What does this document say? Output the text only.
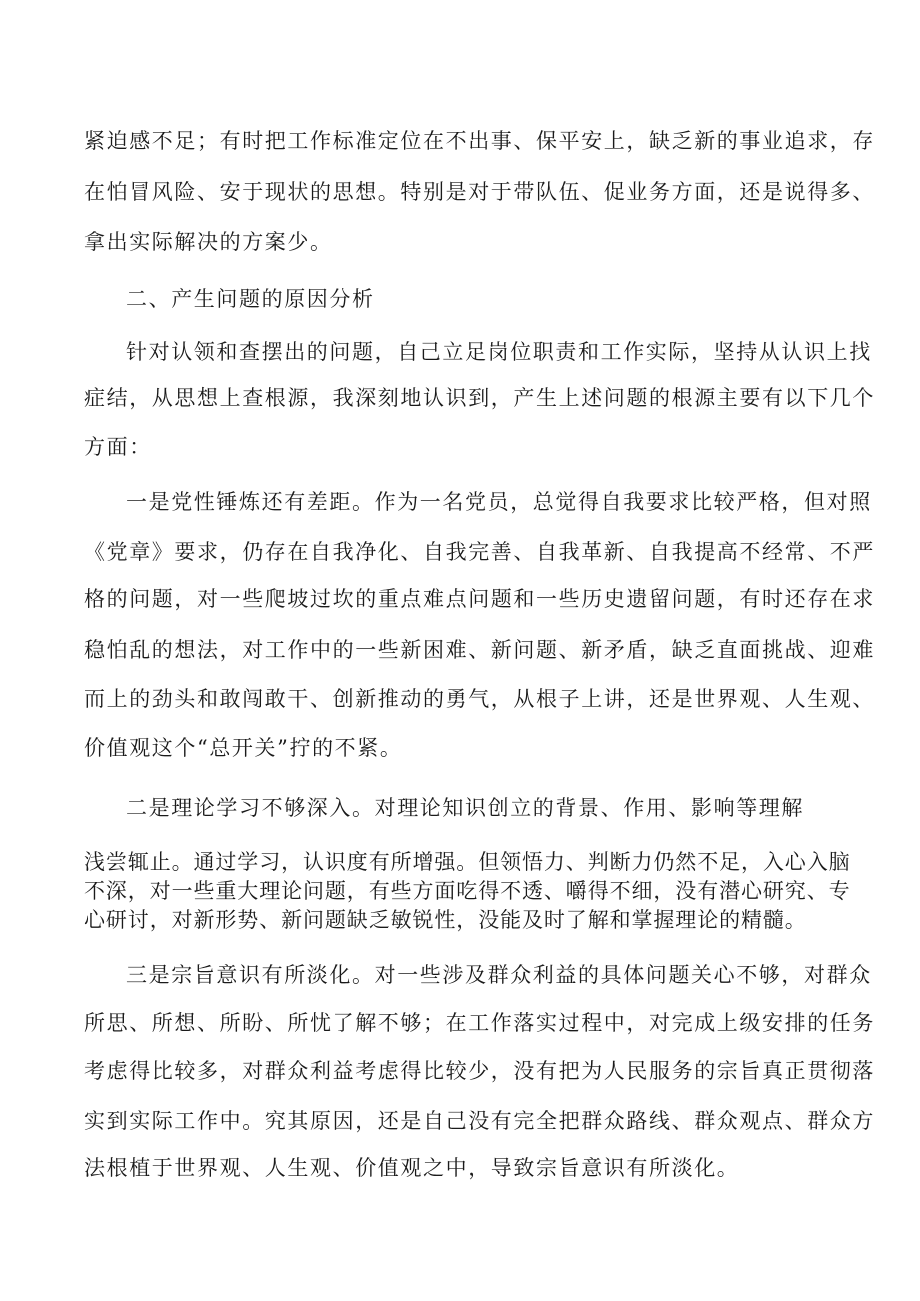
紧迫感不足；有时把工作标准定位在不出事、保平安上，缺乏新的事业追求，存
在怕冒风险、安于现状的思想。特别是对于带队伍、促业务方面，还是说得多、
拿出实际解决的方案少。
二、产生问题的原因分析
针对认领和查摆出的问题，自己立足岗位职责和工作实际，坚持从认识上找
症结，从思想上查根源，我深刻地认识到，产生上述问题的根源主要有以下几个
方面：
一是党性锤炼还有差距。作为一名党员，总觉得自我要求比较严格，但对照
《党章》要求，仍存在自我净化、自我完善、自我革新、自我提高不经常、不严
格的问题，对一些爬坡过坎的重点难点问题和一些历史遗留问题，有时还存在求
稳怕乱的想法，对工作中的一些新困难、新问题、新矛盾，缺乏直面挑战、迎难
而上的劲头和敢闯敢干、创新推动的勇气，从根子上讲，还是世界观、人生观、
价值观这个“总开关”拧的不紧。
二是理论学习不够深入。对理论知识创立的背景、作用、影响等理解
浅尝辄止。通过学习，认识度有所增强。但领悟力、判断力仍然不足，入心入脑
不深，对一些重大理论问题，有些方面吃得不透、嚼得不细，没有潜心研究、专
心研讨，对新形势、新问题缺乏敏锐性，没能及时了解和掌握理论的精髓。
三是宗旨意识有所淡化。对一些涉及群众利益的具体问题关心不够，对群众
所思、所想、所盼、所忧了解不够；在工作落实过程中，对完成上级安排的任务
考虑得比较多，对群众利益考虑得比较少，没有把为人民服务的宗旨真正贯彻落
实到实际工作中。究其原因，还是自己没有完全把群众路线、群众观点、群众方
法根植于世界观、人生观、价值观之中，导致宗旨意识有所淡化。
